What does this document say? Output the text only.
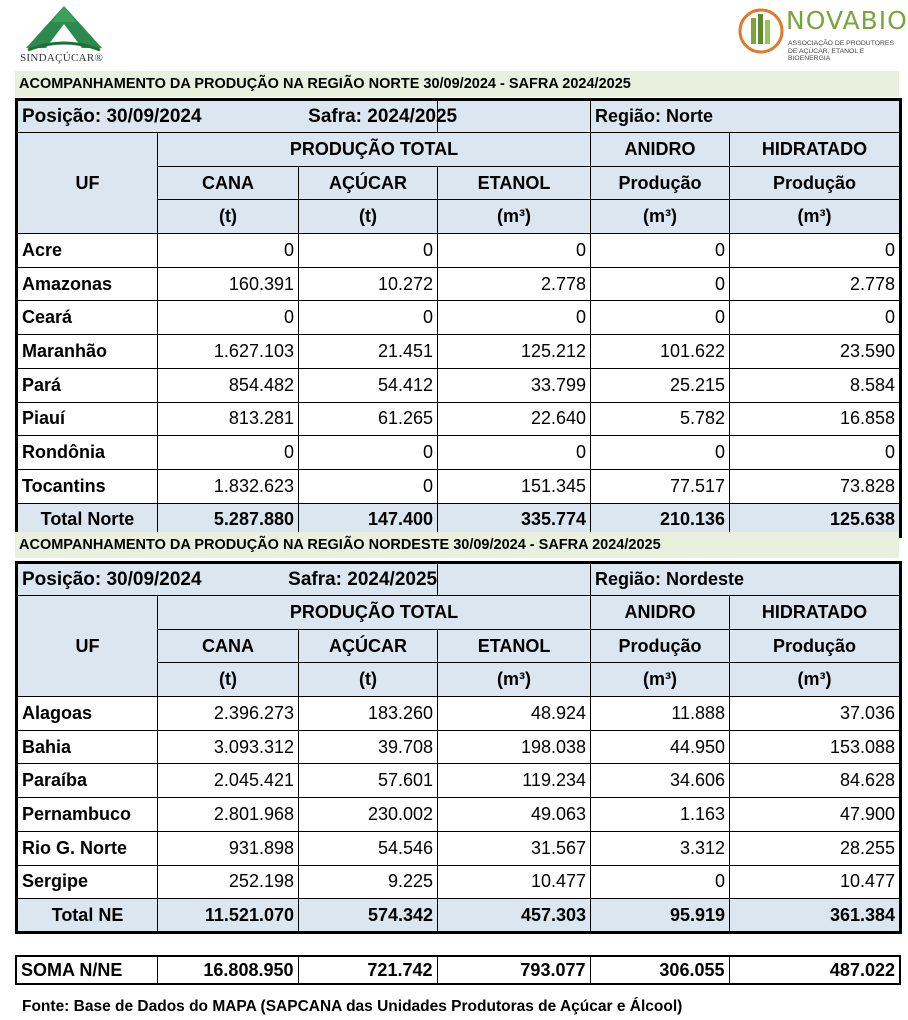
SINDAÇÚCAR®
NOVABIO
ASSOCIAÇÃO DE PRODUTORES DE AÇÚCAR, ETANOL E BIOENERGIA
ACOMPANHAMENTO DA PRODUÇÃO NA REGIÃO NORTE 30/09/2024 - SAFRA 2024/2025
Posição: 30/09/2024 Safra: 2024/2025				Região: Norte	
UF	PRODUÇÃO TOTAL			ANIDRO	HIDRATADO
	CANA	AÇÚCAR	ETANOL	Produção	Produção
	(t)	(t)	(m³)	(m³)	(m³)
Acre	0	0	0	0	0
Amazonas	160.391	10.272	2.778	0	2.778
Ceará	0	0	0	0	0
Maranhão	1.627.103	21.451	125.212	101.622	23.590
Pará	854.482	54.412	33.799	25.215	8.584
Piauí	813.281	61.265	22.640	5.782	16.858
Rondônia	0	0	0	0	0
Tocantins	1.832.623	0	151.345	77.517	73.828
Total Norte	5.287.880	147.400	335.774	210.136	125.638
ACOMPANHAMENTO DA PRODUÇÃO NA REGIÃO NORDESTE 30/09/2024 - SAFRA 2024/2025
Posição: 30/09/2024 Safra: 2024/2025				Região: Nordeste	
UF	PRODUÇÃO TOTAL			ANIDRO	HIDRATADO
	CANA	AÇÚCAR	ETANOL	Produção	Produção
	(t)	(t)	(m³)	(m³)	(m³)
Alagoas	2.396.273	183.260	48.924	11.888	37.036
Bahia	3.093.312	39.708	198.038	44.950	153.088
Paraíba	2.045.421	57.601	119.234	34.606	84.628
Pernambuco	2.801.968	230.002	49.063	1.163	47.900
Rio G. Norte	931.898	54.546	31.567	3.312	28.255
Sergipe	252.198	9.225	10.477	0	10.477
Total NE	11.521.070	574.342	457.303	95.919	361.384
SOMA N/NE	16.808.950	721.742	793.077	306.055	487.022
Fonte: Base de Dados do MAPA (SAPCANA das Unidades Produtoras de Açúcar e Álcool)
